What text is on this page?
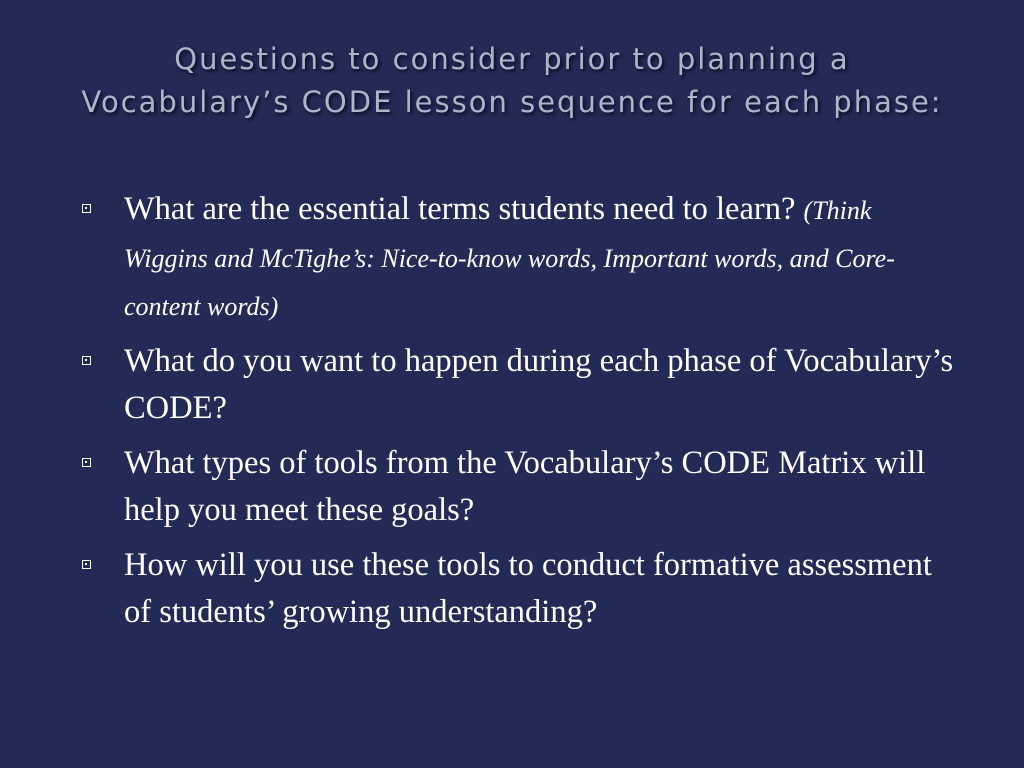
Questions to consider prior to planning a Vocabulary’s CODE lesson sequence for each phase:
What are the essential terms students need to learn? (Think Wiggins and McTighe’s: Nice-to-know words, Important words, and Core-content words)
What do you want to happen during each phase of Vocabulary’s CODE?
What types of tools from the Vocabulary’s CODE Matrix will help you meet these goals?
How will you use these tools to conduct formative assessment of students’ growing understanding?
